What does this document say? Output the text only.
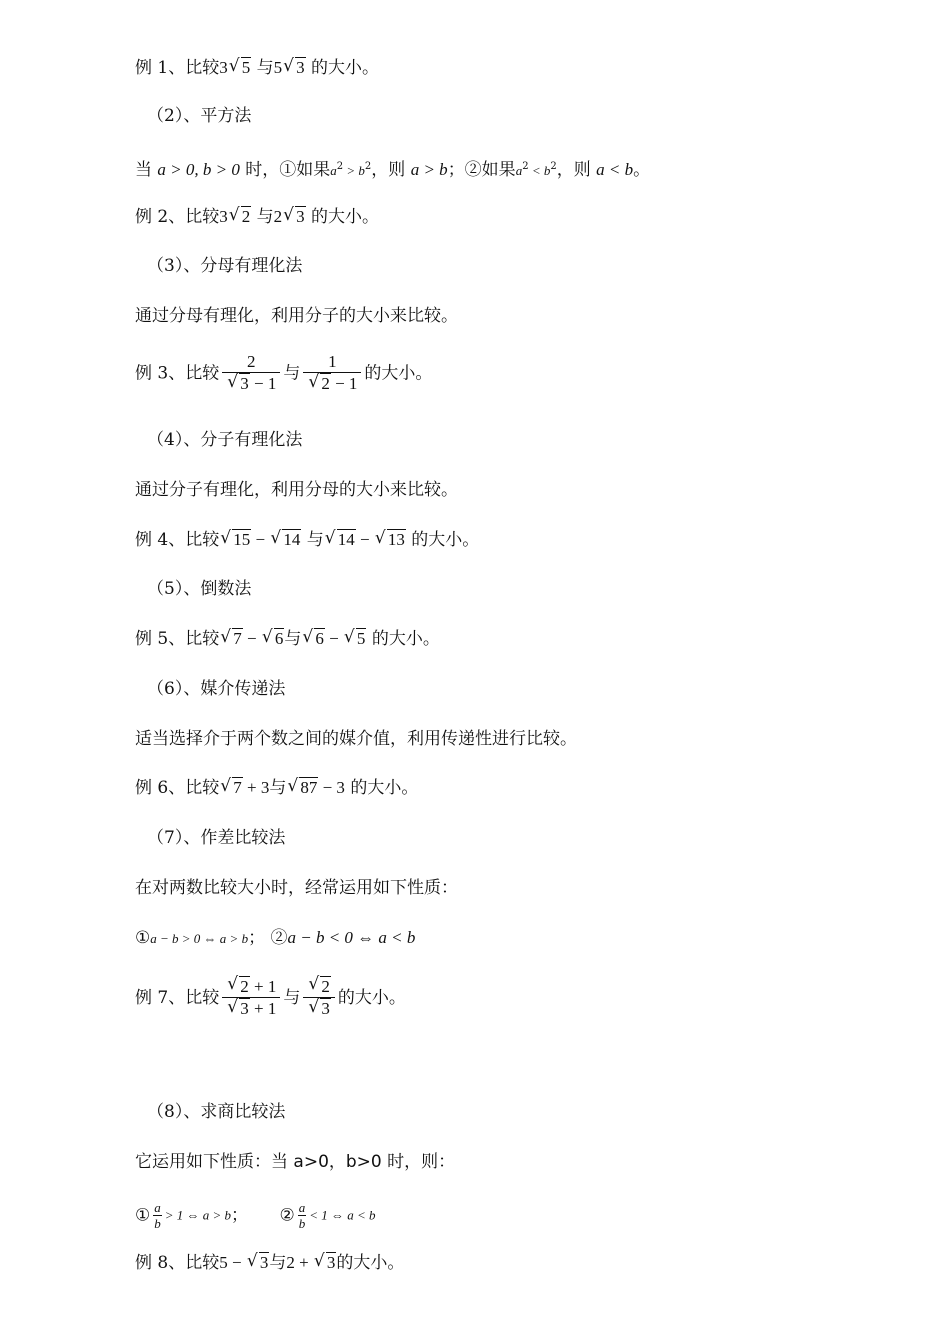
例 1、比较3 √ 5 与5 √ 3 的大小。
（2）、平方法
当 a > 0, b > 0 时，①如果$a^2 > b^2$，则 a > b；②如果$a^2 < b^2$，则 a < b。
例 2、比较3 √ 2 与2 √ 3 的大小。
（3）、分母有理化法
通过分母有理化，利用分子的大小来比较。
例 3、比较 2
√ 3 − 1 与 1
√ 2 − 1 的大小。
（4）、分子有理化法
通过分子有理化，利用分母的大小来比较。
例 4、比较 √ 15 − √ 14 与 √ 14 − √ 13 的大小。
（5）、倒数法
例 5、比较 √ 7 − √ 6与 √ 6 − √ 5 的大小。
（6）、媒介传递法
适当选择介于两个数之间的媒介值，利用传递性进行比较。
例 6、比较 √ 7 + 3与 √ 87 − 3 的大小。
（7）、作差比较法
在对两数比较大小时，经常运用如下性质：
①a − b > 0 ⇔ a > b； ②a − b < 0 ⇔ a < b
例 7、比较 √ 2 + 1
√ 3 + 1 与 √ 2
√ 3 的大小。
（8）、求商比较法
它运用如下性质：当 a>0，b>0 时，则：
① $\frac{a}{b} > 1$ ⇔ a > b； ② $\frac{a}{b} < 1$ ⇔ a < b
例 8、比较5 − √ 3与2 + √ 3的大小。
